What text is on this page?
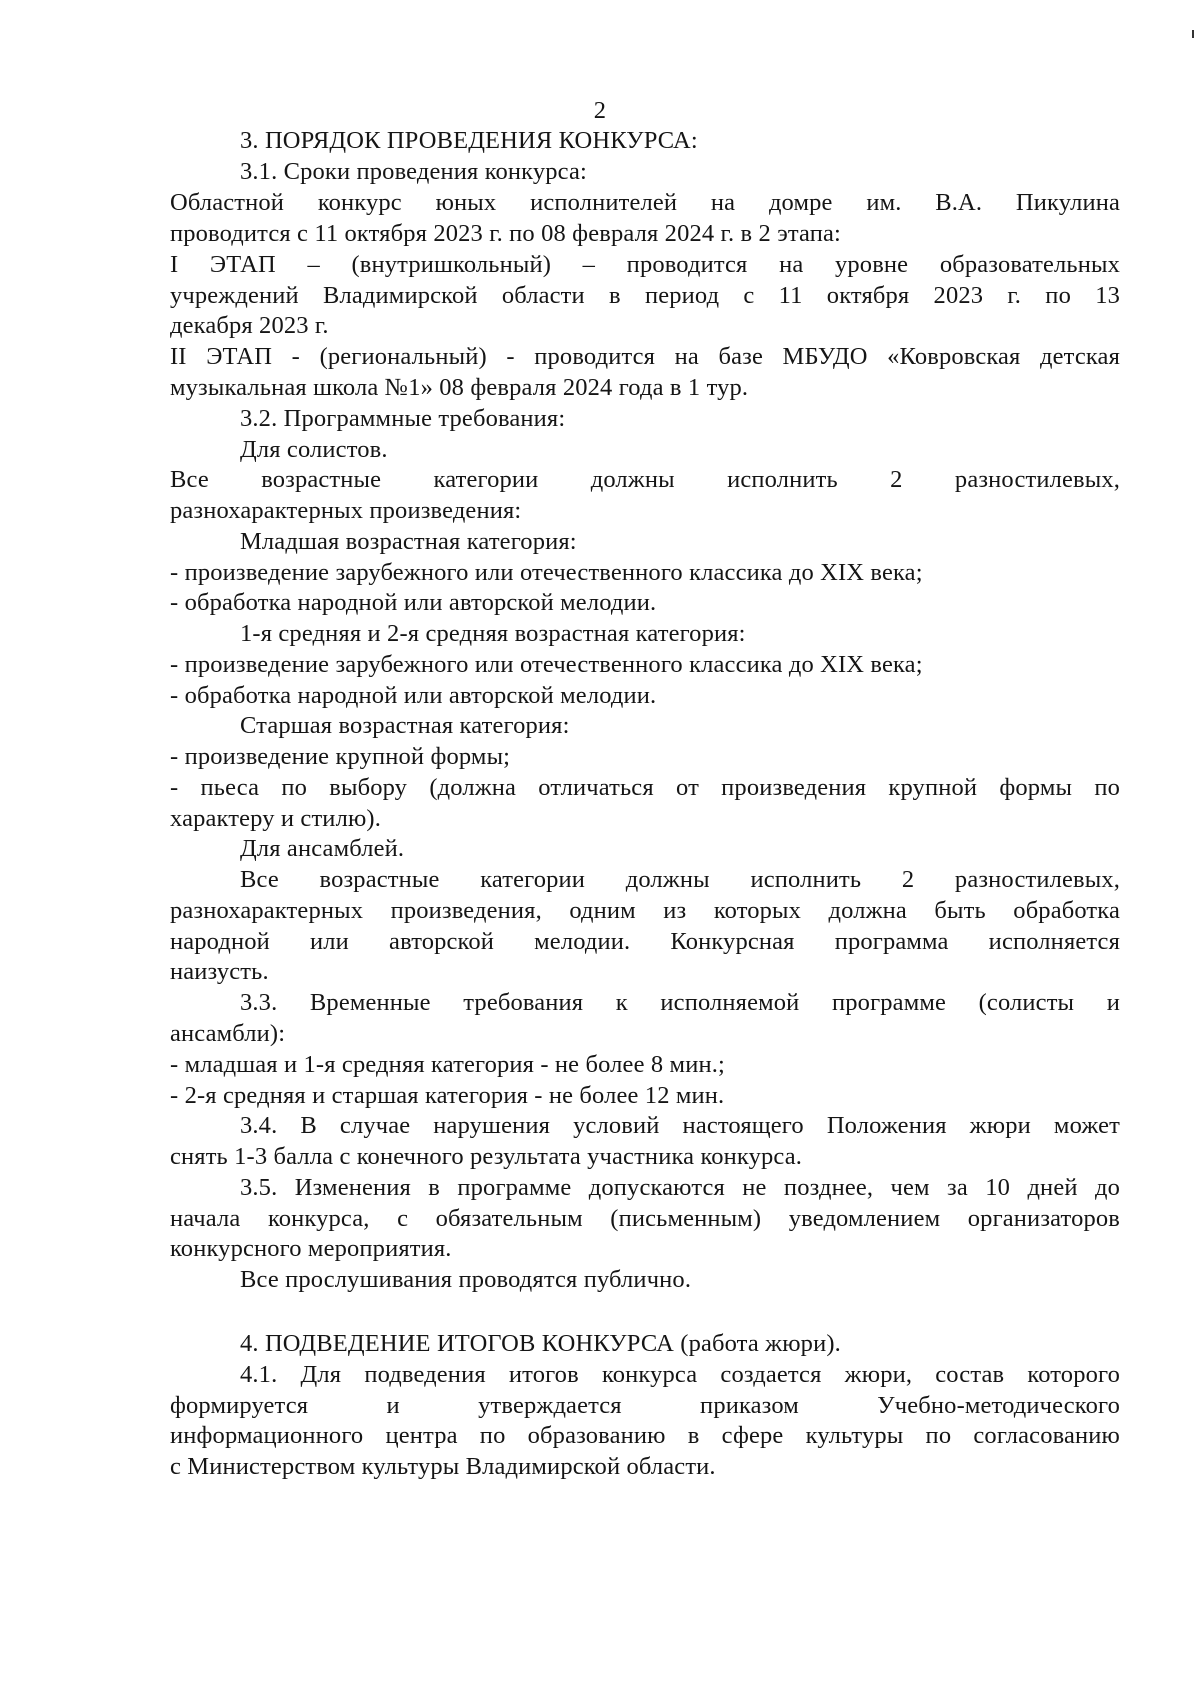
2
3. ПОРЯДОК ПРОВЕДЕНИЯ КОНКУРСА:
3.1. Сроки проведения конкурса:
Областной конкурс юных исполнителей на домре им. В.А. Пикулина
проводится с 11 октября 2023 г. по 08 февраля 2024 г. в 2 этапа:
I ЭТАП – (внутришкольный) – проводится на уровне образовательных
учреждений Владимирской области в период с 11 октября 2023 г. по 13
декабря 2023 г.
II ЭТАП - (региональный) - проводится на базе МБУДО «Ковровская детская
музыкальная школа №1» 08 февраля 2024 года в 1 тур.
3.2. Программные требования:
Для солистов.
Все возрастные категории должны исполнить 2 разностилевых,
разнохарактерных произведения:
Младшая возрастная категория:
- произведение зарубежного или отечественного классика до XIX века;
- обработка народной или авторской мелодии.
1-я средняя и 2-я средняя возрастная категория:
- произведение зарубежного или отечественного классика до XIX века;
- обработка народной или авторской мелодии.
Старшая возрастная категория:
- произведение крупной формы;
- пьеса по выбору (должна отличаться от произведения крупной формы по
характеру и стилю).
Для ансамблей.
Все возрастные категории должны исполнить 2 разностилевых,
разнохарактерных произведения, одним из которых должна быть обработка
народной или авторской мелодии. Конкурсная программа исполняется
наизусть.
3.3. Временные требования к исполняемой программе (солисты и
ансамбли):
- младшая и 1-я средняя категория - не более 8 мин.;
- 2-я средняя и старшая категория - не более 12 мин.
3.4. В случае нарушения условий настоящего Положения жюри может
снять 1-3 балла с конечного результата участника конкурса.
3.5. Изменения в программе допускаются не позднее, чем за 10 дней до
начала конкурса, с обязательным (письменным) уведомлением организаторов
конкурсного мероприятия.
Все прослушивания проводятся публично.
4. ПОДВЕДЕНИЕ ИТОГОВ КОНКУРСА (работа жюри).
4.1. Для подведения итогов конкурса создается жюри, состав которого
формируется и утверждается приказом Учебно-методического
информационного центра по образованию в сфере культуры по согласованию
с Министерством культуры Владимирской области.
